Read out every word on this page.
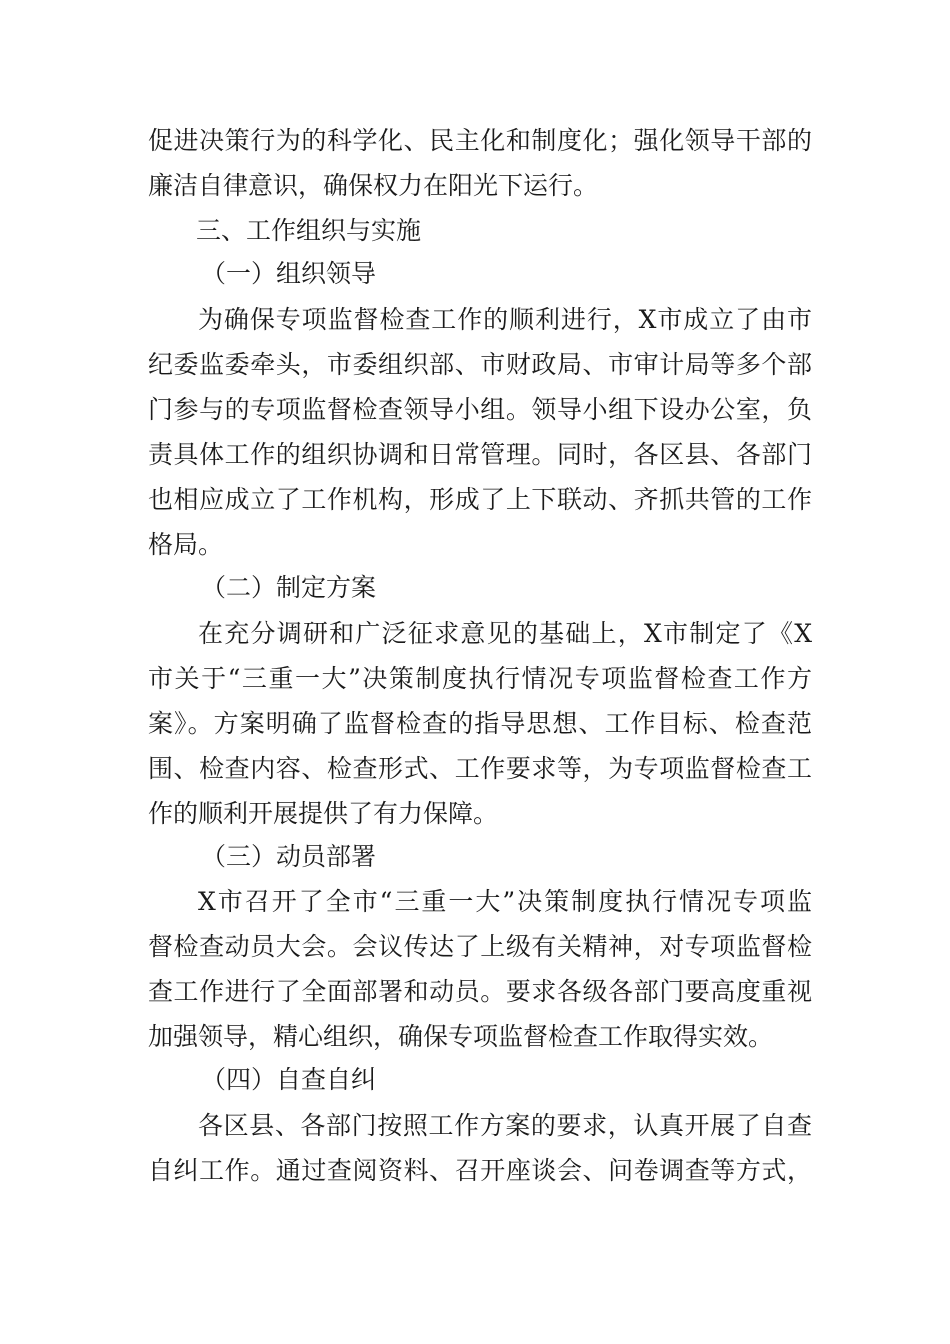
促进决策行为的科学化、民主化和制度化；强化领导干部的
廉洁自律意识，确保权力在阳光下运行。
三、工作组织与实施
（一）组织领导
为确保专项监督检查工作的顺利进行，X市成立了由市
纪委监委牵头，市委组织部、市财政局、市审计局等多个部
门参与的专项监督检查领导小组。领导小组下设办公室，负
责具体工作的组织协调和日常管理。同时，各区县、各部门
也相应成立了工作机构，形成了上下联动、齐抓共管的工作
格局。
（二）制定方案
在充分调研和广泛征求意见的基础上，X市制定了《X
市关于“三重一大”决策制度执行情况专项监督检查工作方
案》。方案明确了监督检查的指导思想、工作目标、检查范
围、检查内容、检查形式、工作要求等，为专项监督检查工
作的顺利开展提供了有力保障。
（三）动员部署
X市召开了全市“三重一大”决策制度执行情况专项监
督检查动员大会。会议传达了上级有关精神，对专项监督检
查工作进行了全面部署和动员。要求各级各部门要高度重视
加强领导，精心组织，确保专项监督检查工作取得实效。
（四）自查自纠
各区县、各部门按照工作方案的要求，认真开展了自查
自纠工作。通过查阅资料、召开座谈会、问卷调查等方式，
